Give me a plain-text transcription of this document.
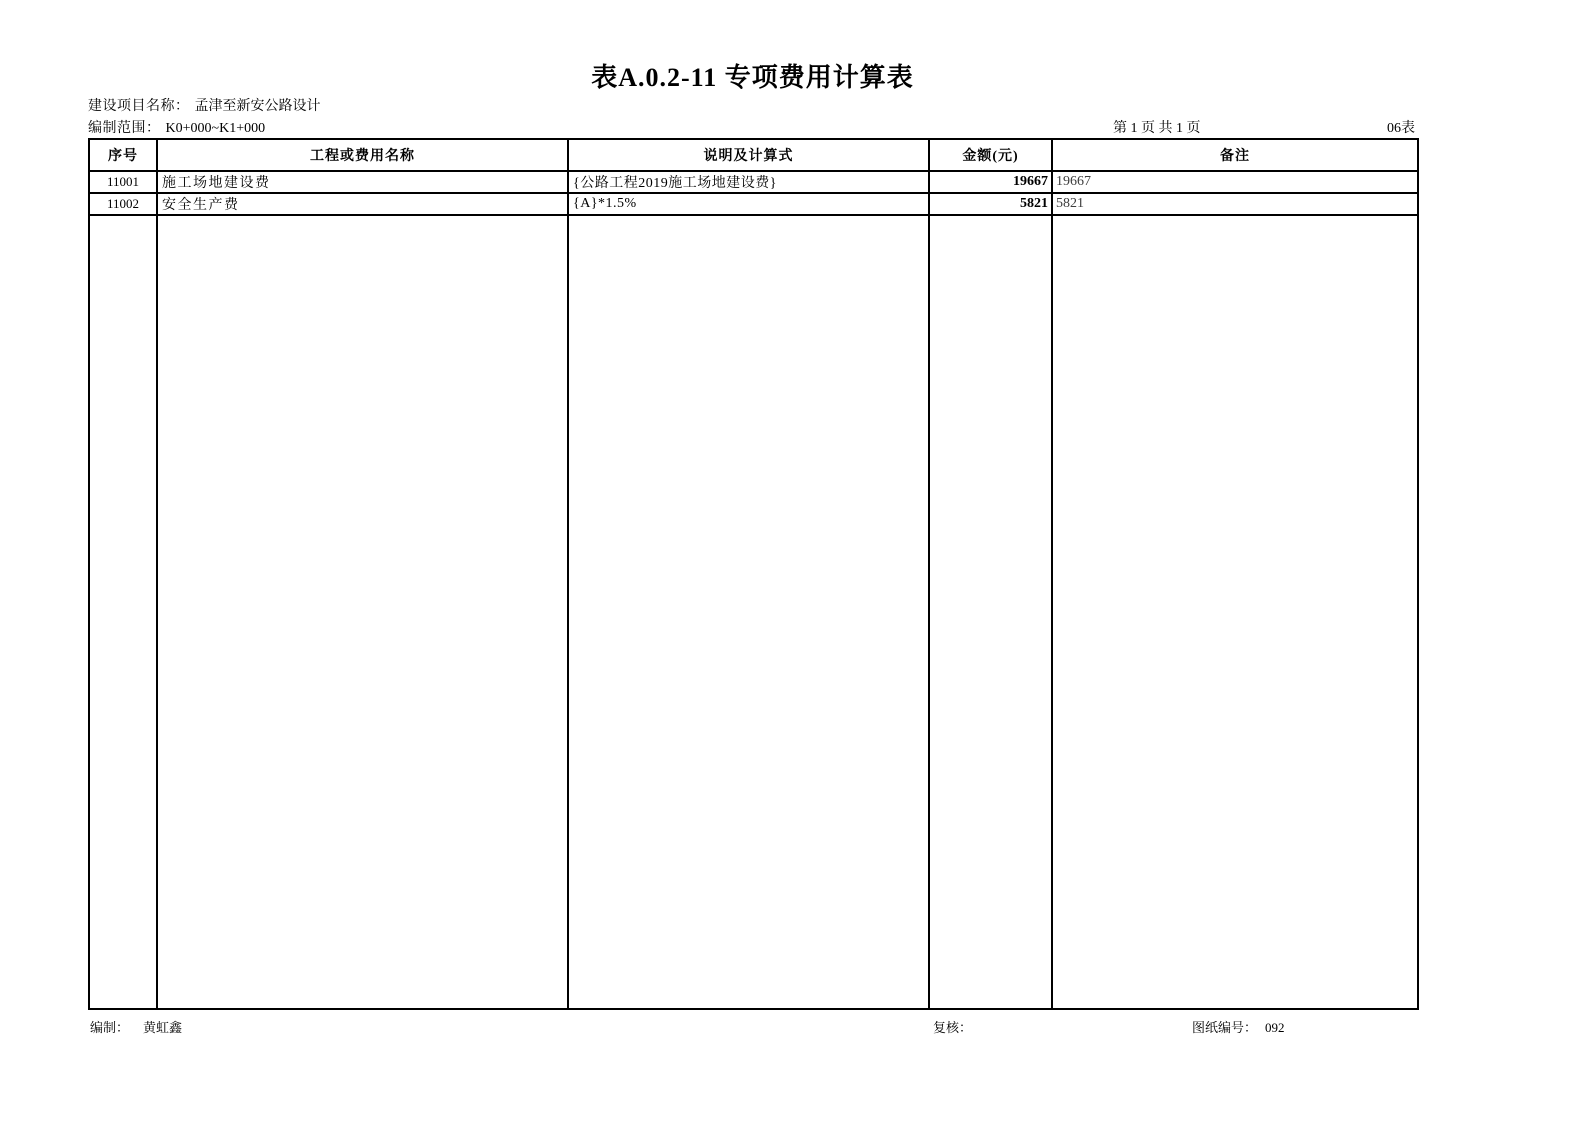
表A.0.2-11 专项费用计算表
建设项目名称： 孟津至新安公路设计
编制范围： K0+000~K1+000	第 1 页 共 1 页	06表
序号	工程或费用名称	说明及计算式	金额(元)	备注
11001	施工场地建设费	{公路工程2019施工场地建设费}	19667	19667
11002	安全生产费	{A}*1.5%	5821	5821

编制： 黄虹鑫	复核：	图纸编号： 092
